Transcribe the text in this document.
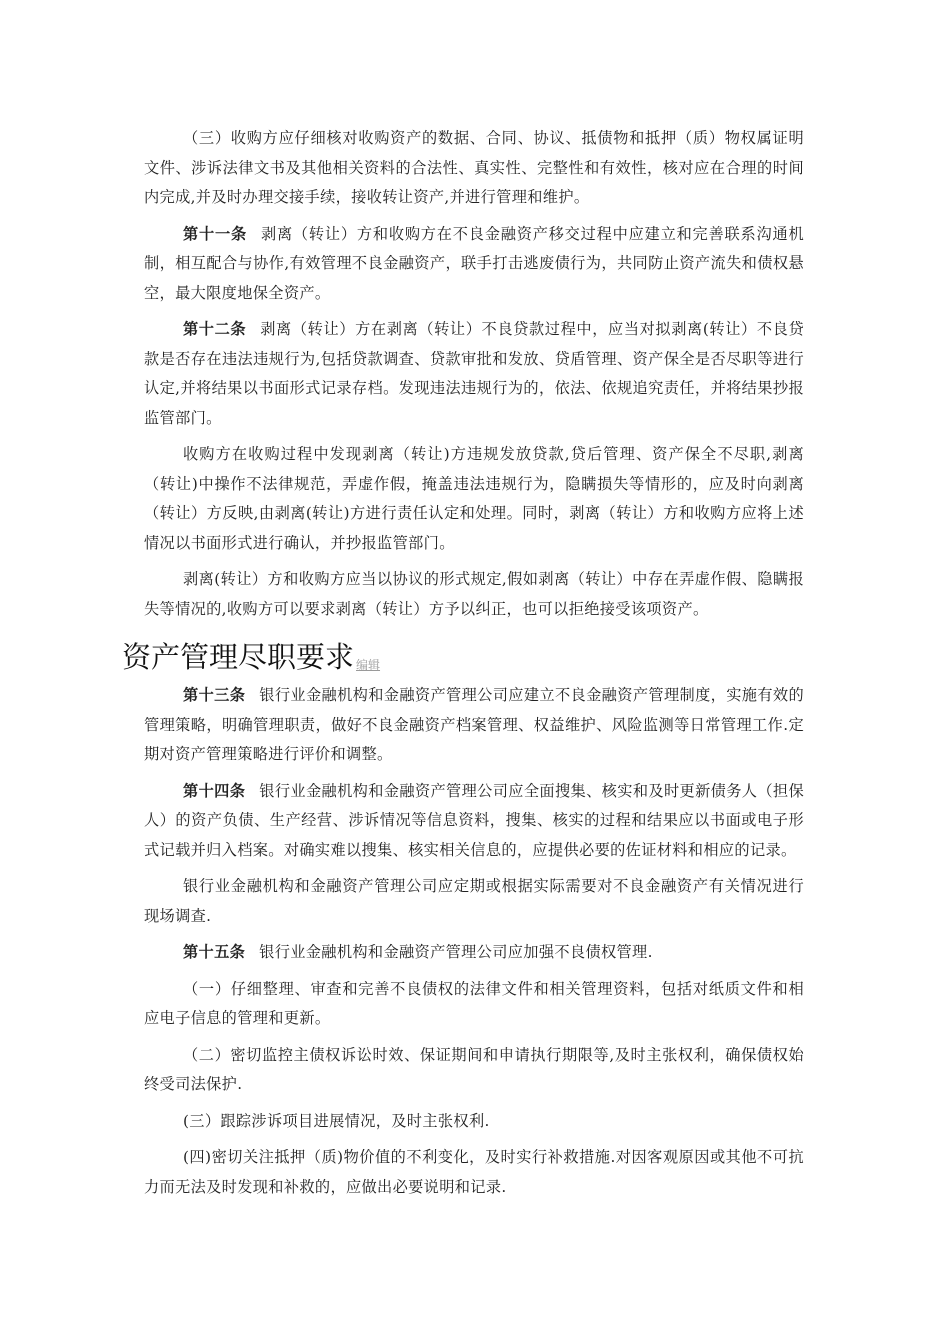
（三）收购方应仔细核对收购资产的数据、合同、协议、抵债物和抵押（质）物权属证明文件、涉诉法律文书及其他相关资料的合法性、真实性、完整性和有效性，核对应在合理的时间内完成,并及时办理交接手续，接收转让资产,并进行管理和维护。

第十一条 剥离（转让）方和收购方在不良金融资产移交过程中应建立和完善联系沟通机制，相互配合与协作,有效管理不良金融资产，联手打击逃废债行为，共同防止资产流失和债权悬空，最大限度地保全资产。

第十二条 剥离（转让）方在剥离（转让）不良贷款过程中，应当对拟剥离(转让）不良贷款是否存在违法违规行为,包括贷款调查、贷款审批和发放、贷盾管理、资产保全是否尽职等进行认定,并将结果以书面形式记录存档。发现违法违规行为的，依法、依规追究责任，并将结果抄报监管部门。

收购方在收购过程中发现剥离（转让)方违规发放贷款,贷后管理、资产保全不尽职,剥离（转让)中操作不法律规范，弄虚作假，掩盖违法违规行为，隐瞒损失等情形的，应及时向剥离（转让）方反映,由剥离(转让)方进行责任认定和处理。同时，剥离（转让）方和收购方应将上述情况以书面形式进行确认，并抄报监管部门。

剥离(转让）方和收购方应当以协议的形式规定,假如剥离（转让）中存在弄虚作假、隐瞒报失等情况的,收购方可以要求剥离（转让）方予以纠正，也可以拒绝接受该项资产。

资产管理尽职要求 编辑

第十三条 银行业金融机构和金融资产管理公司应建立不良金融资产管理制度，实施有效的管理策略，明确管理职责，做好不良金融资产档案管理、权益维护、风险监测等日常管理工作.定期对资产管理策略进行评价和调整。

第十四条 银行业金融机构和金融资产管理公司应全面搜集、核实和及时更新债务人（担保人）的资产负债、生产经营、涉诉情况等信息资料，搜集、核实的过程和结果应以书面或电子形式记载并归入档案。对确实难以搜集、核实相关信息的，应提供必要的佐证材料和相应的记录。

银行业金融机构和金融资产管理公司应定期或根据实际需要对不良金融资产有关情况进行现场调查.

第十五条 银行业金融机构和金融资产管理公司应加强不良债权管理.

（一）仔细整理、审查和完善不良债权的法律文件和相关管理资料，包括对纸质文件和相应电子信息的管理和更新。

（二）密切监控主债权诉讼时效、保证期间和申请执行期限等,及时主张权利，确保债权始终受司法保护.

(三）跟踪涉诉项目进展情况，及时主张权利.

(四)密切关注抵押（质)物价值的不利变化，及时实行补救措施.对因客观原因或其他不可抗力而无法及时发现和补救的，应做出必要说明和记录.
